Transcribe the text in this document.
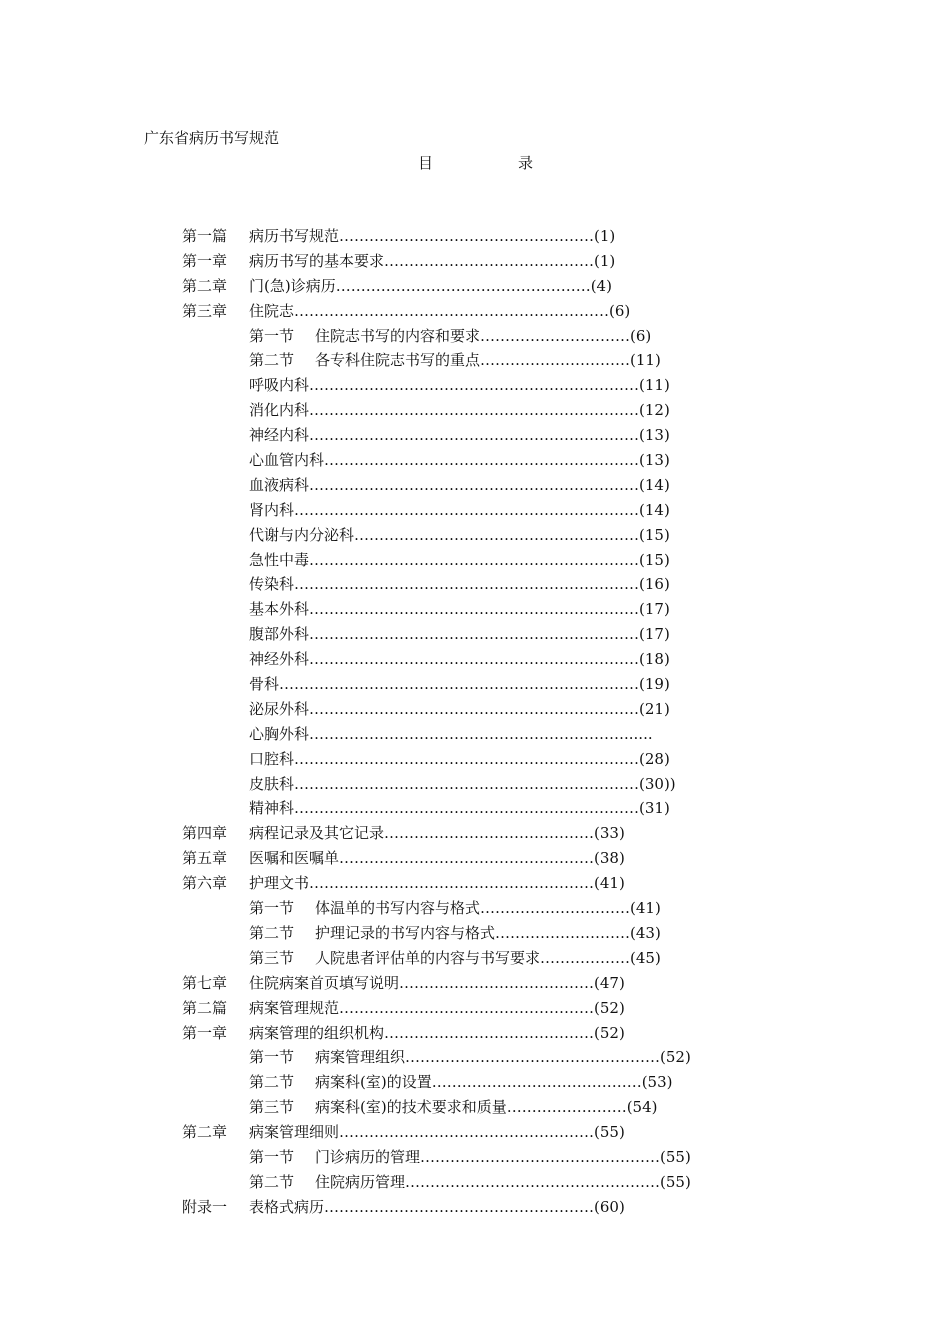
广东省病历书写规范
目	录
第一篇 病历书写规范……………………………………………(1)
第一章 病历书写的基本要求……………………………………(1)
第二章 门(急)诊病历……………………………………………(4)
第三章 住院志………………………………………………………(6)
第一节 住院志书写的内容和要求…………………………(6)
第二节 各专科住院志书写的重点…………………………(11)
呼吸内科…………………………………………………………(11)
消化内科…………………………………………………………(12)
神经内科…………………………………………………………(13)
心血管内科………………………………………………………(13)
血液病科…………………………………………………………(14)
肾内科……………………………………………………………(14)
代谢与内分泌科…………………………………………………(15)
急性中毒…………………………………………………………(15)
传染科……………………………………………………………(16)
基本外科…………………………………………………………(17)
腹部外科…………………………………………………………(17)
神经外科…………………………………………………………(18)
骨科………………………………………………………………(19)
泌尿外科…………………………………………………………(21)
心胸外科………………………………………………………......
口腔科……………………………………………………………(28)
皮肤科……………………………………………………………(30))
精神科……………………………………………………………(31)
第四章 病程记录及其它记录……………………………………(33)
第五章 医嘱和医嘱单……………………………………………(38)
第六章 护理文书…………………………………………………(41)
第一节 体温单的书写内容与格式…………………………(41)
第二节 护理记录的书写内容与格式………………………(43)
第三节 人院患者评估单的内容与书写要求………………(45)
第七章 住院病案首页填写说明…………………………………(47)
第二篇 病案管理规范……………………………………………(52)
第一章 病案管理的组织机构……………………………………(52)
第一节 病案管理组织……………………………………………(52)
第二节 病案科(室)的设置……………………………………(53)
第三节 病案科(室)的技术要求和质量……………………(54)
第二章 病案管理细则……………………………………………(55)
第一节 门诊病历的管理…………………………………………(55)
第二节 住院病历管理……………………………………………(55)
附录一 表格式病历………………………………………………(60)
